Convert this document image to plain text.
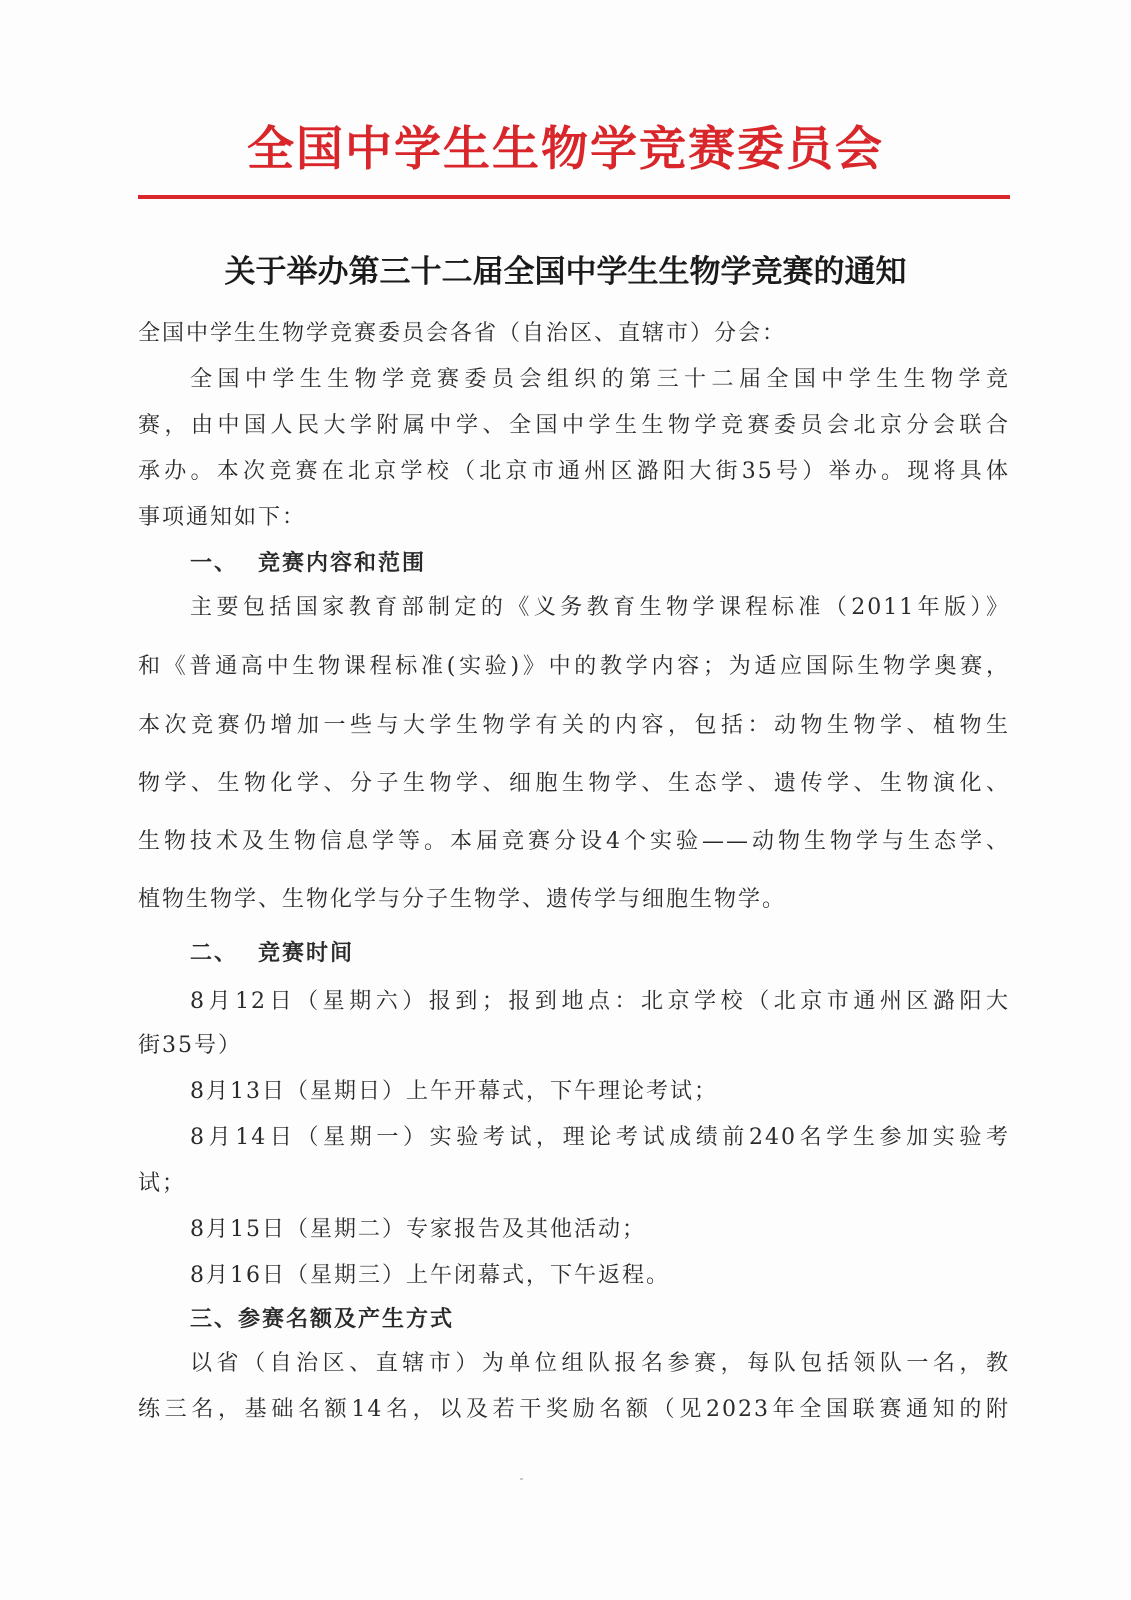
全国中学生生物学竞赛委员会
关于举办第三十二届全国中学生生物学竞赛的通知
全国中学生生物学竞赛委员会各省（自治区、直辖市）分会：
全国中学生生物学竞赛委员会组织的第三十二届全国中学生生物学竞
赛，由中国人民大学附属中学、全国中学生生物学竞赛委员会北京分会联合
承办。本次竞赛在北京学校（北京市通州区潞阳大街35号）举办。现将具体
事项通知如下：
一、 竞赛内容和范围
主要包括国家教育部制定的《义务教育生物学课程标准（2011年版）》
和《普通高中生物课程标准(实验)》中的教学内容；为适应国际生物学奥赛，
本次竞赛仍增加一些与大学生物学有关的内容，包括：动物生物学、植物生
物学、生物化学、分子生物学、细胞生物学、生态学、遗传学、生物演化、
生物技术及生物信息学等。本届竞赛分设4个实验——动物生物学与生态学、
植物生物学、生物化学与分子生物学、遗传学与细胞生物学。
二、 竞赛时间
8月12日（星期六）报到；报到地点：北京学校（北京市通州区潞阳大
街35号）
8月13日（星期日）上午开幕式，下午理论考试；
8月14日（星期一）实验考试，理论考试成绩前240名学生参加实验考
试；
8月15日（星期二）专家报告及其他活动；
8月16日（星期三）上午闭幕式，下午返程。
三、参赛名额及产生方式
以省（自治区、直辖市）为单位组队报名参赛，每队包括领队一名，教
练三名，基础名额14名，以及若干奖励名额（见2023年全国联赛通知的附
